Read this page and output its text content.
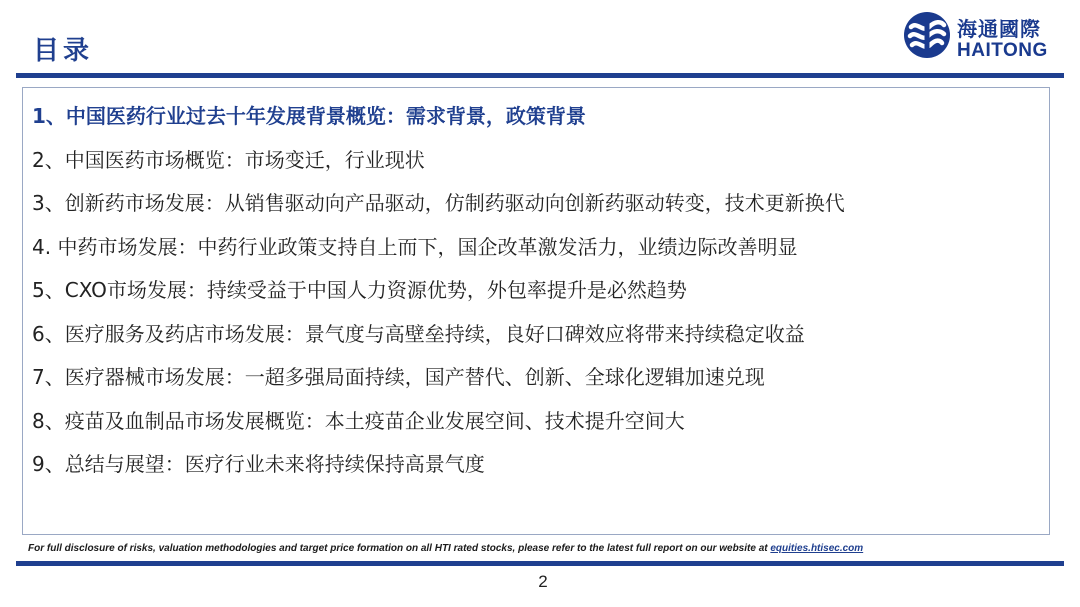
目录
海通國際
HAITONG
1、中国医药行业过去十年发展背景概览：需求背景，政策背景
2、中国医药市场概览：市场变迁，行业现状
3、创新药市场发展：从销售驱动向产品驱动，仿制药驱动向创新药驱动转变，技术更新换代
4. 中药市场发展：中药行业政策支持自上而下，国企改革激发活力，业绩边际改善明显
5、CXO市场发展：持续受益于中国人力资源优势，外包率提升是必然趋势
6、医疗服务及药店市场发展：景气度与高壁垒持续，良好口碑效应将带来持续稳定收益
7、医疗器械市场发展：一超多强局面持续，国产替代、创新、全球化逻辑加速兑现
8、疫苗及血制品市场发展概览：本土疫苗企业发展空间、技术提升空间大
9、总结与展望：医疗行业未来将持续保持高景气度
For full disclosure of risks, valuation methodologies and target price formation on all HTI rated stocks, please refer to the latest full report on our website at equities.htisec.com
2
